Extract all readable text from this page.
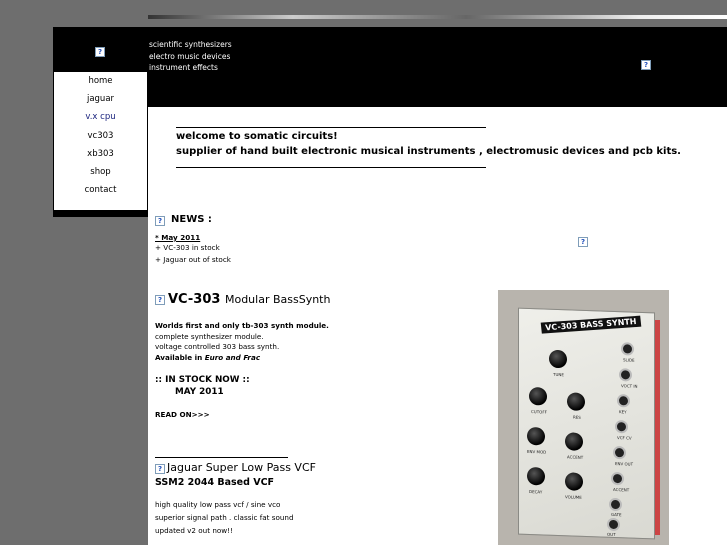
scientific synthesizers
electro music devices
instrument effects	?
?
home
jaguar
v.x cpu
vc303
xb303
shop
contact

welcome to somatic circuits!

supplier of hand built electronic musical instruments , electromusic devices and pcb kits.

? NEWS :
* May 2011
+ VC-303 in stock
+ Jaguar out of stock
?
? VC-303 Modular BassSynth
Worlds first and only tb-303 synth module.
complete synthesizer module.
voltage controlled 303 bass synth.
Available in Euro and Frac
:: IN STOCK NOW ::
MAY 2011
READ ON>>>
? Jaguar Super Low Pass VCF
SSM2 2044 Based VCF
high quality low pass vcf / sine vco
superior signal path . classic fat sound
updated v2 out now!!
VC-303 BASS SYNTH
TUNE
CUTOFF
RES
ENV MOD
ACCENT
DECAY
VOLUME
SLIDE
VOCT IN
KEY
VCF CV
ENV OUT
ACCENT
GATE
OUT
